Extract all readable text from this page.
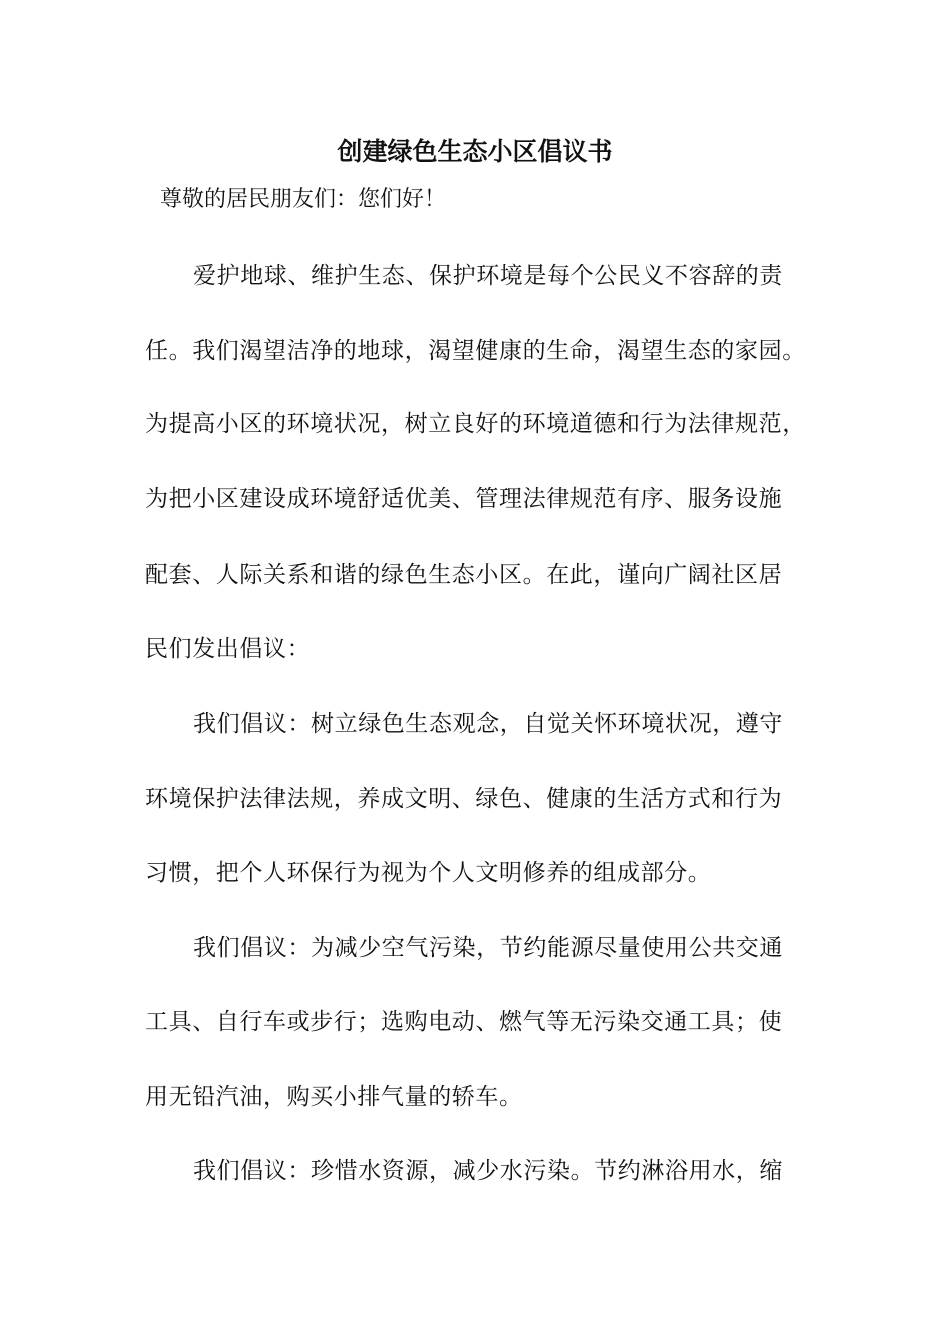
创建绿色生态小区倡议书
尊敬的居民朋友们：您们好！
爱护地球、维护生态、保护环境是每个公民义不容辞的责
任。我们渴望洁净的地球，渴望健康的生命，渴望生态的家园。
为提高小区的环境状况，树立良好的环境道德和行为法律规范，
为把小区建设成环境舒适优美、管理法律规范有序、服务设施
配套、人际关系和谐的绿色生态小区。在此，谨向广阔社区居
民们发出倡议：
我们倡议：树立绿色生态观念，自觉关怀环境状况，遵守
环境保护法律法规，养成文明、绿色、健康的生活方式和行为
习惯，把个人环保行为视为个人文明修养的组成部分。
我们倡议：为减少空气污染，节约能源尽量使用公共交通
工具、自行车或步行；选购电动、燃气等无污染交通工具；使
用无铅汽油，购买小排气量的轿车。
我们倡议：珍惜水资源，减少水污染。节约淋浴用水，缩
